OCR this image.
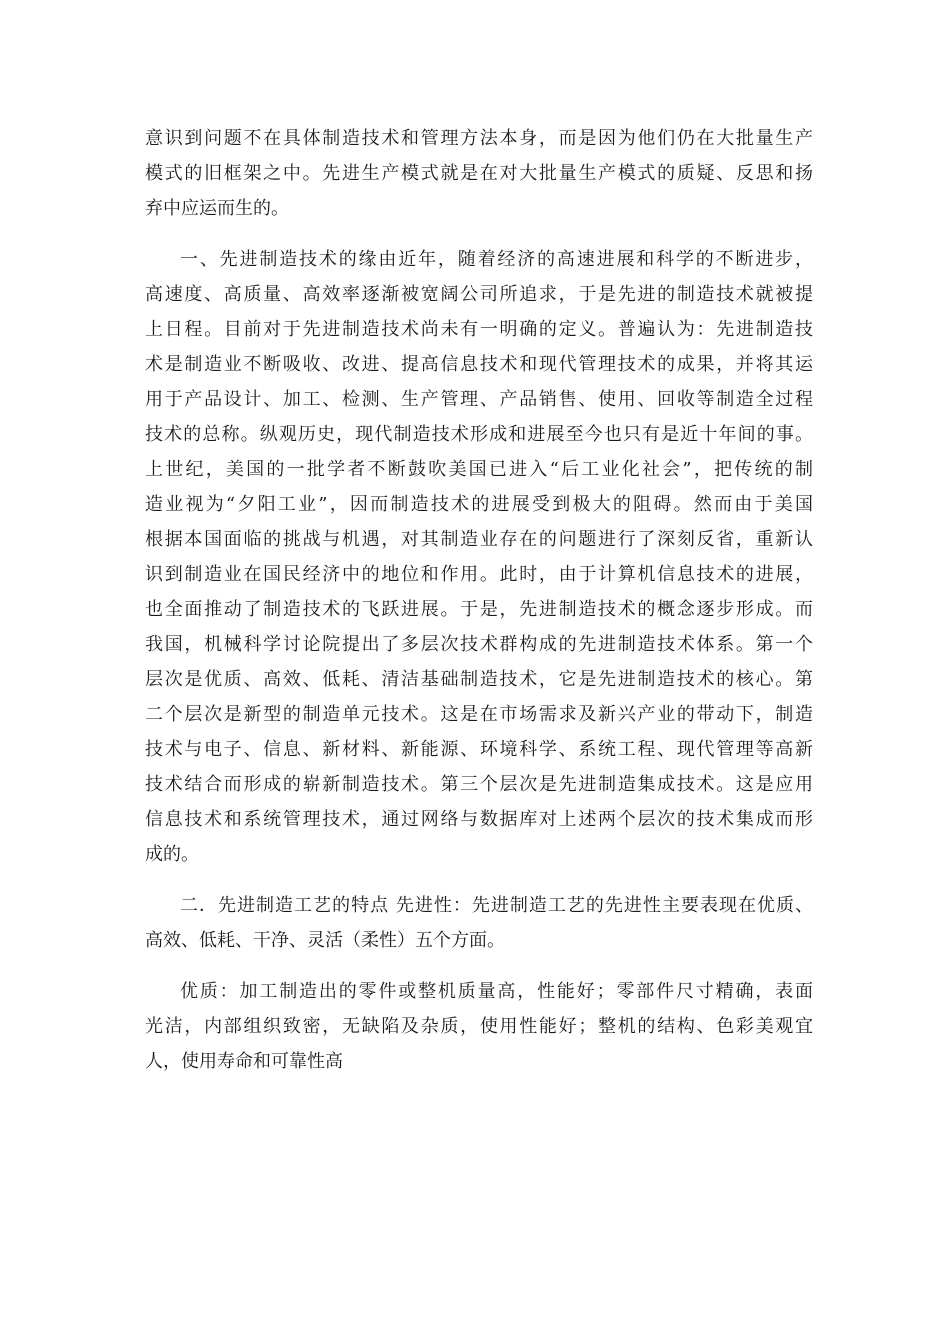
意识到问题不在具体制造技术和管理方法本身，而是因为他们仍在大批量生产
模式的旧框架之中。先进生产模式就是在对大批量生产模式的质疑、反思和扬
弃中应运而生的。
一、先进制造技术的缘由近年，随着经济的高速进展和科学的不断进步，
高速度、高质量、高效率逐渐被宽阔公司所追求，于是先进的制造技术就被提
上日程。目前对于先进制造技术尚未有一明确的定义。普遍认为：先进制造技
术是制造业不断吸收、改进、提高信息技术和现代管理技术的成果，并将其运
用于产品设计、加工、检测、生产管理、产品销售、使用、回收等制造全过程
技术的总称。纵观历史，现代制造技术形成和进展至今也只有是近十年间的事。
上世纪，美国的一批学者不断鼓吹美国已进入“后工业化社会”，把传统的制
造业视为“夕阳工业”，因而制造技术的进展受到极大的阻碍。然而由于美国
根据本国面临的挑战与机遇，对其制造业存在的问题进行了深刻反省，重新认
识到制造业在国民经济中的地位和作用。此时，由于计算机信息技术的进展，
也全面推动了制造技术的飞跃进展。于是，先进制造技术的概念逐步形成。而
我国，机械科学讨论院提出了多层次技术群构成的先进制造技术体系。第一个
层次是优质、高效、低耗、清洁基础制造技术，它是先进制造技术的核心。第
二个层次是新型的制造单元技术。这是在市场需求及新兴产业的带动下，制造
技术与电子、信息、新材料、新能源、环境科学、系统工程、现代管理等高新
技术结合而形成的崭新制造技术。第三个层次是先进制造集成技术。这是应用
信息技术和系统管理技术，通过网络与数据库对上述两个层次的技术集成而形
成的。
二．先进制造工艺的特点 先进性：先进制造工艺的先进性主要表现在优质、
高效、低耗、干净、灵活（柔性）五个方面。
优质：加工制造出的零件或整机质量高，性能好；零部件尺寸精确，表面
光洁，内部组织致密，无缺陷及杂质，使用性能好；整机的结构、色彩美观宜
人，使用寿命和可靠性高
